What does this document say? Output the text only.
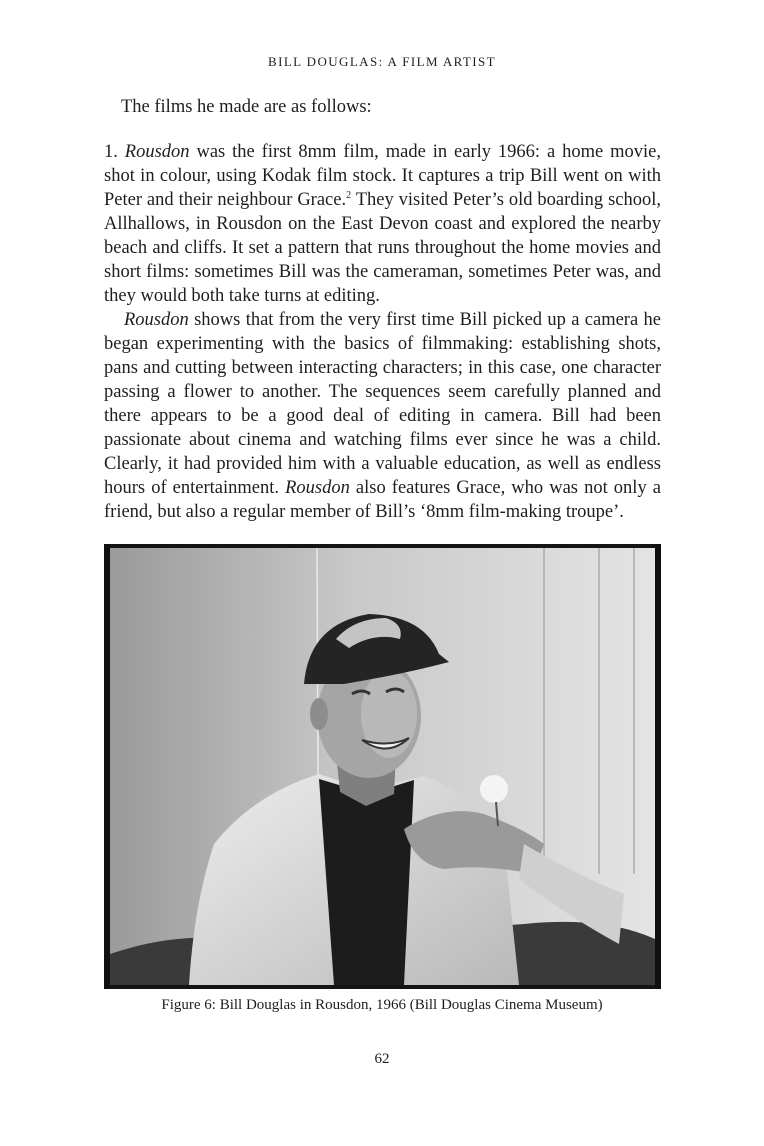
BILL DOUGLAS: A FILM ARTIST
The films he made are as follows:

1. Rousdon was the first 8mm film, made in early 1966: a home movie, shot in colour, using Kodak film stock. It captures a trip Bill went on with Peter and their neighbour Grace.$^2$ They visited Peter’s old boarding school, Allhallows, in Rousdon on the East Devon coast and explored the nearby beach and cliffs. It set a pattern that runs throughout the home movies and short films: sometimes Bill was the cameraman, sometimes Peter was, and they would both take turns at editing.

Rousdon shows that from the very first time Bill picked up a camera he began experimenting with the basics of filmmaking: establishing shots, pans and cutting between interacting characters; in this case, one character passing a flower to another. The sequences seem carefully planned and there appears to be a good deal of editing in camera. Bill had been passionate about cinema and watching films ever since he was a child. Clearly, it had provided him with a valuable education, as well as endless hours of entertainment. Rousdon also features Grace, who was not only a friend, but also a regular member of Bill’s ‘8mm film-making troupe’.

Figure 6: Bill Douglas in Rousdon, 1966 (Bill Douglas Cinema Museum)
62
